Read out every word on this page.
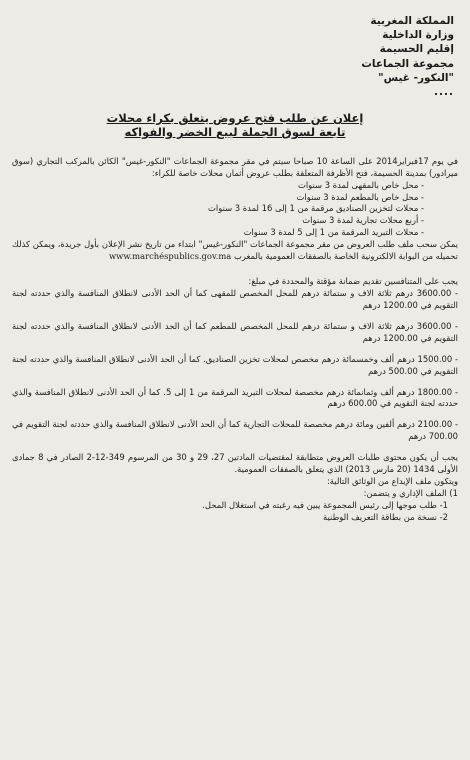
المملكة المغربية
وزارة الداخلية
إقليم الحسيمة
مجموعة الجماعات
"النكور- غيس"
....
إعلان عن طلب فتح عروض يتعلق بكراء محلات
تابعة لسوق الجملة لبيع الخضر والفواكه

في يوم 17فبراير2014 على الساعة 10 صباحا سيتم في مقر مجموعة الجماعات "النكور-غيس" الكائن بالمركب التجاري (سوق ميرادور) بمدينة الحسيمة، فتح الأظرفة المتعلقة بطلب عروض أثمان محلات خاصة للكراء:

- محل خاص بالمقهى لمدة 3 سنوات
- محل خاص بالمطعم لمدة 3 سنوات
- محلات لتخزين الصناديق مرقمة من 1 إلى 16 لمدة 3 سنوات
- أربع محلات تجارية لمدة 3 سنوات
- محلات التبريد المرقمة من 1 إلى 5 لمدة 3 سنوات

يمكن سحب ملف طلب العروض من مقر مجموعة الجماعات "النكور-غيس" ابتداء من تاريخ نشر الإعلان بأول جريدة، ويمكن كذلك تحميله من البوابة الالكترونية الخاصة بالصفقات العمومية بالمغرب www.marchéspublics.gov.ma

يجب على المتنافسين تقديم ضمانة مؤقتة والمحددة في مبلغ:

- 3600.00 درهم ثلاثة الاف و ستمائة درهم للمحل المخصص للمقهى كما أن الحد الأدنى لانطلاق المنافسة والذي حددته لجنة التقويم في 1200.00 درهم

- 3600.00 درهم ثلاثة الاف و ستمائة درهم للمحل المخصص للمطعم كما أن الحد الأدنى لانطلاق المنافسة والذي حددته لجنة التقويم في 1200.00 درهم

- 1500.00 درهم ألف وخمسمائة درهم مخصص لمحلات تخزين الصناديق. كما أن الحد الأدنى لانطلاق المنافسة والذي حددته لجنة التقويم في 500.00 درهم

- 1800.00 درهم ألف وثمانمائة درهم مخصصة لمحلات التبريد المرقمة من 1 إلى 5. كما أن الحد الأدنى لانطلاق المنافسة والذي حددته لجنة التقويم في 600.00 درهم

- 2100.00 درهم ألفين ومائة درهم مخصصة للمحلات التجارية كما أن الحد الأدنى لانطلاق المنافسة والذي حددته لجنة التقويم في 700.00 درهم

يجب أن يكون محتوى طلبات العروض متطابقة لمقتضيات المادتين 27، 29 و 30 من المرسوم 349-12-2 الصادر في 8 جمادى الأولى 1434 (20 مارس 2013) الذي يتعلق بالصفقات العمومية.

ويتكون ملف الإيداع من الوثائق التالية:

1) الملف الإداري و يتضمن:

1- طلب موجها إلى رئيس المجموعة يبين فيه رغبته في استغلال المحل.
2- نسخة من بطاقة التعريف الوطنية
